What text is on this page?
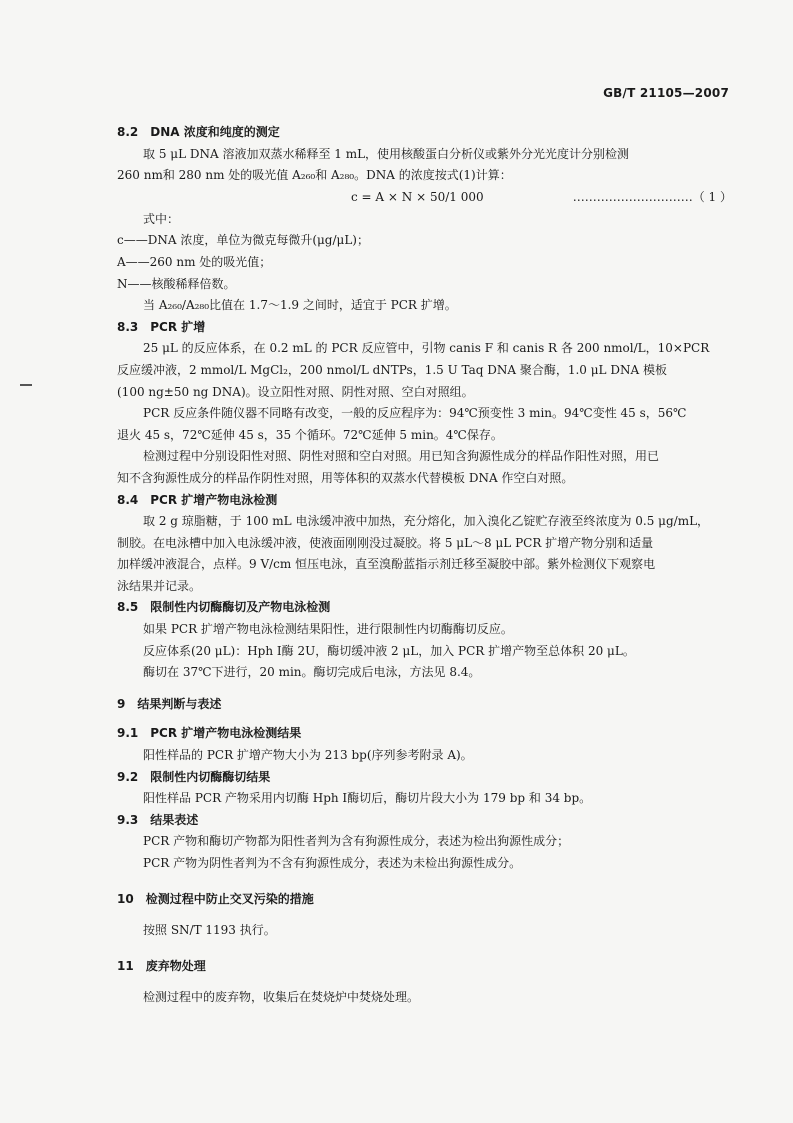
GB/T 21105—2007
8.2　DNA 浓度和纯度的测定
取 5 μL DNA 溶液加双蒸水稀释至 1 mL，使用核酸蛋白分析仪或紫外分光光度计分别检测
260 nm和 280 nm 处的吸光值 A₂₆₀和 A₂₈₀。DNA 的浓度按式(1)计算：
c = A × N × 50/1 000	…………………………（ 1 ）
式中：
c——DNA 浓度，单位为微克每微升(μg/μL)；
A——260 nm 处的吸光值；
N——核酸稀释倍数。
当 A₂₆₀/A₂₈₀比值在 1.7～1.9 之间时，适宜于 PCR 扩增。
8.3　PCR 扩增
25 μL 的反应体系，在 0.2 mL 的 PCR 反应管中，引物 canis F 和 canis R 各 200 nmol/L，10×PCR
反应缓冲液，2 mmol/L MgCl₂，200 nmol/L dNTPs，1.5 U Taq DNA 聚合酶，1.0 μL DNA 模板
(100 ng±50 ng DNA)。设立阳性对照、阴性对照、空白对照组。
PCR 反应条件随仪器不同略有改变，一般的反应程序为：94℃预变性 3 min。94℃变性 45 s，56℃
退火 45 s，72℃延伸 45 s，35 个循环。72℃延伸 5 min。4℃保存。
检测过程中分别设阳性对照、阴性对照和空白对照。用已知含狗源性成分的样品作阳性对照，用已
知不含狗源性成分的样品作阴性对照，用等体积的双蒸水代替模板 DNA 作空白对照。
8.4　PCR 扩增产物电泳检测
取 2 g 琼脂糖，于 100 mL 电泳缓冲液中加热，充分熔化，加入溴化乙锭贮存液至终浓度为 0.5 μg/mL，
制胶。在电泳槽中加入电泳缓冲液，使液面刚刚没过凝胶。将 5 μL～8 μL PCR 扩增产物分别和适量
加样缓冲液混合，点样。9 V/cm 恒压电泳，直至溴酚蓝指示剂迁移至凝胶中部。紫外检测仪下观察电
泳结果并记录。
8.5　限制性内切酶酶切及产物电泳检测
如果 PCR 扩增产物电泳检测结果阳性，进行限制性内切酶酶切反应。
反应体系(20 μL)：Hph Ⅰ酶 2U，酶切缓冲液 2 μL，加入 PCR 扩增产物至总体积 20 μL。
酶切在 37℃下进行，20 min。酶切完成后电泳，方法见 8.4。
9　结果判断与表述
9.1　PCR 扩增产物电泳检测结果
阳性样品的 PCR 扩增产物大小为 213 bp(序列参考附录 A)。
9.2　限制性内切酶酶切结果
阳性样品 PCR 产物采用内切酶 Hph Ⅰ酶切后，酶切片段大小为 179 bp 和 34 bp。
9.3　结果表述
PCR 产物和酶切产物都为阳性者判为含有狗源性成分，表述为检出狗源性成分；
PCR 产物为阴性者判为不含有狗源性成分，表述为未检出狗源性成分。
10　检测过程中防止交叉污染的措施
按照 SN/T 1193 执行。
11　废弃物处理
检测过程中的废弃物，收集后在焚烧炉中焚烧处理。
